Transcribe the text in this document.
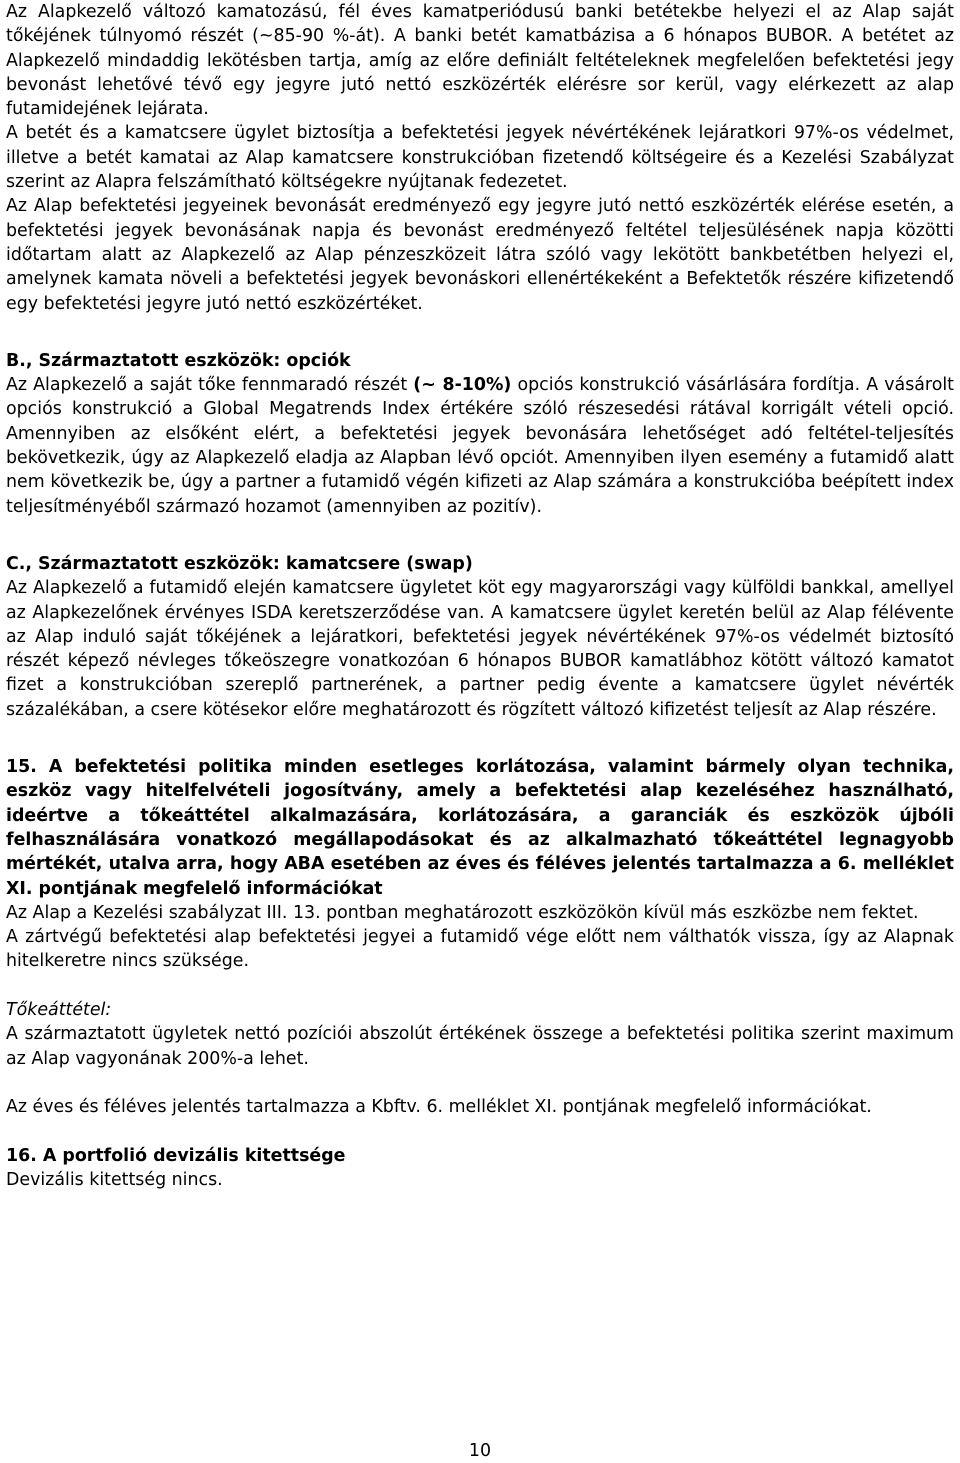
Az Alapkezelő változó kamatozású, fél éves kamatperiódusú banki betétekbe helyezi el az Alap saját tőkéjének túlnyomó részét (~85-90 %-át). A banki betét kamatbázisa a 6 hónapos BUBOR. A betétet az Alapkezelő mindaddig lekötésben tartja, amíg az előre definiált feltételeknek megfelelően befektetési jegy bevonást lehetővé tévő egy jegyre jutó nettó eszközérték elérésre sor kerül, vagy elérkezett az alap futamidejének lejárata.

A betét és a kamatcsere ügylet biztosítja a befektetési jegyek névértékének lejáratkori 97%-os védelmet, illetve a betét kamatai az Alap kamatcsere konstrukcióban fizetendő költségeire és a Kezelési Szabályzat szerint az Alapra felszámítható költségekre nyújtanak fedezetet.

Az Alap befektetési jegyeinek bevonását eredményező egy jegyre jutó nettó eszközérték elérése esetén, a befektetési jegyek bevonásának napja és bevonást eredményező feltétel teljesülésének napja közötti időtartam alatt az Alapkezelő az Alap pénzeszközeit látra szóló vagy lekötött bankbetétben helyezi el, amelynek kamata növeli a befektetési jegyek bevonáskori ellenértékeként a Befektetők részére kifizetendő egy befektetési jegyre jutó nettó eszközértéket.

B., Származtatott eszközök: opciók

Az Alapkezelő a saját tőke fennmaradó részét (~ 8-10%) opciós konstrukció vásárlására fordítja. A vásárolt opciós konstrukció a Global Megatrends Index értékére szóló részesedési rátával korrigált vételi opció. Amennyiben az elsőként elért, a befektetési jegyek bevonására lehetőséget adó feltétel-teljesítés bekövetkezik, úgy az Alapkezelő eladja az Alapban lévő opciót. Amennyiben ilyen esemény a futamidő alatt nem következik be, úgy a partner a futamidő végén kifizeti az Alap számára a konstrukcióba beépített index teljesítményéből származó hozamot (amennyiben az pozitív).

C., Származtatott eszközök: kamatcsere (swap)

Az Alapkezelő a futamidő elején kamatcsere ügyletet köt egy magyarországi vagy külföldi bankkal, amellyel az Alapkezelőnek érvényes ISDA keretszerződése van. A kamatcsere ügylet keretén belül az Alap félévente az Alap induló saját tőkéjének a lejáratkori, befektetési jegyek névértékének 97%-os védelmét biztosító részét képező névleges tőkeöszegre vonatkozóan 6 hónapos BUBOR kamatlábhoz kötött változó kamatot fizet a konstrukcióban szereplő partnerének, a partner pedig évente a kamatcsere ügylet névérték százalékában, a csere kötésekor előre meghatározott és rögzített változó kifizetést teljesít az Alap részére.

15. A befektetési politika minden esetleges korlátozása, valamint bármely olyan technika, eszköz vagy hitelfelvételi jogosítvány, amely a befektetési alap kezeléséhez használható, ideértve a tőkeáttétel alkalmazására, korlátozására, a garanciák és eszközök újbóli felhasználására vonatkozó megállapodásokat és az alkalmazható tőkeáttétel legnagyobb mértékét, utalva arra, hogy ABA esetében az éves és féléves jelentés tartalmazza a 6. melléklet XI. pontjának megfelelő információkat

Az Alap a Kezelési szabályzat III. 13. pontban meghatározott eszközökön kívül más eszközbe nem fektet.

A zártvégű befektetési alap befektetési jegyei a futamidő vége előtt nem válthatók vissza, így az Alapnak hitelkeretre nincs szüksége.

Tőkeáttétel:

A származtatott ügyletek nettó pozíciói abszolút értékének összege a befektetési politika szerint maximum az Alap vagyonának 200%-a lehet.

Az éves és féléves jelentés tartalmazza a Kbftv. 6. melléklet XI. pontjának megfelelő információkat.

16. A portfolió devizális kitettsége

Devizális kitettség nincs.

10
